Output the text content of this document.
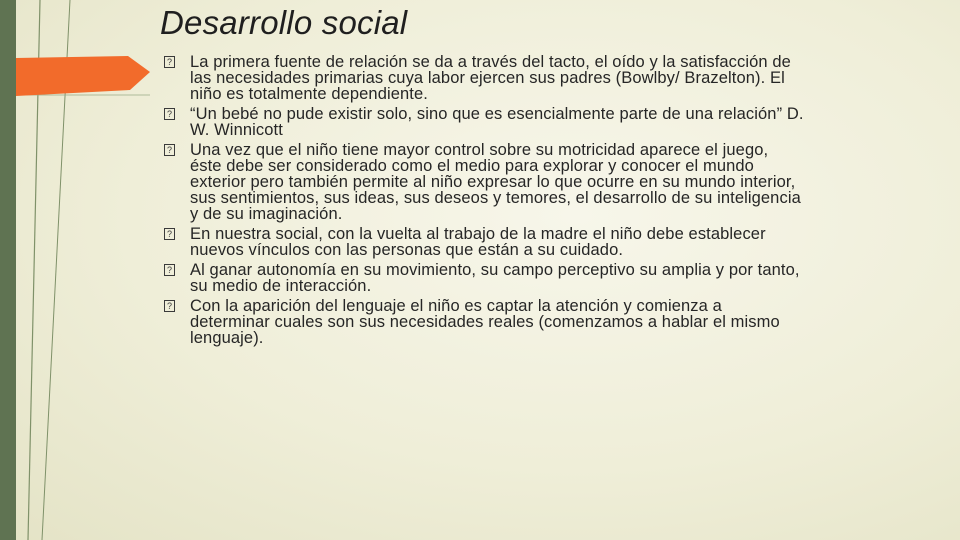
Desarrollo social
? La primera fuente de relación se da a través del tacto, el oído y la satisfacción de las necesidades primarias cuya labor ejercen sus padres (Bowlby/ Brazelton). El niño es totalmente dependiente.
? “Un bebé no pude existir solo, sino que es esencialmente parte de una relación” D. W. Winnicott
? Una vez que el niño tiene mayor control sobre su motricidad aparece el juego, éste debe ser considerado como el medio para explorar y conocer el mundo exterior pero también permite al niño expresar lo que ocurre en su mundo interior, sus sentimientos, sus ideas, sus deseos y temores, el desarrollo de su inteligencia y de su imaginación.
? En nuestra social, con la vuelta al trabajo de la madre el niño debe establecer nuevos vínculos con las personas que están a su cuidado.
? Al ganar autonomía en su movimiento, su campo perceptivo su amplia y por tanto, su medio de interacción.
? Con la aparición del lenguaje el niño es captar la atención y comienza a determinar cuales son sus necesidades reales (comenzamos a hablar el mismo lenguaje).
